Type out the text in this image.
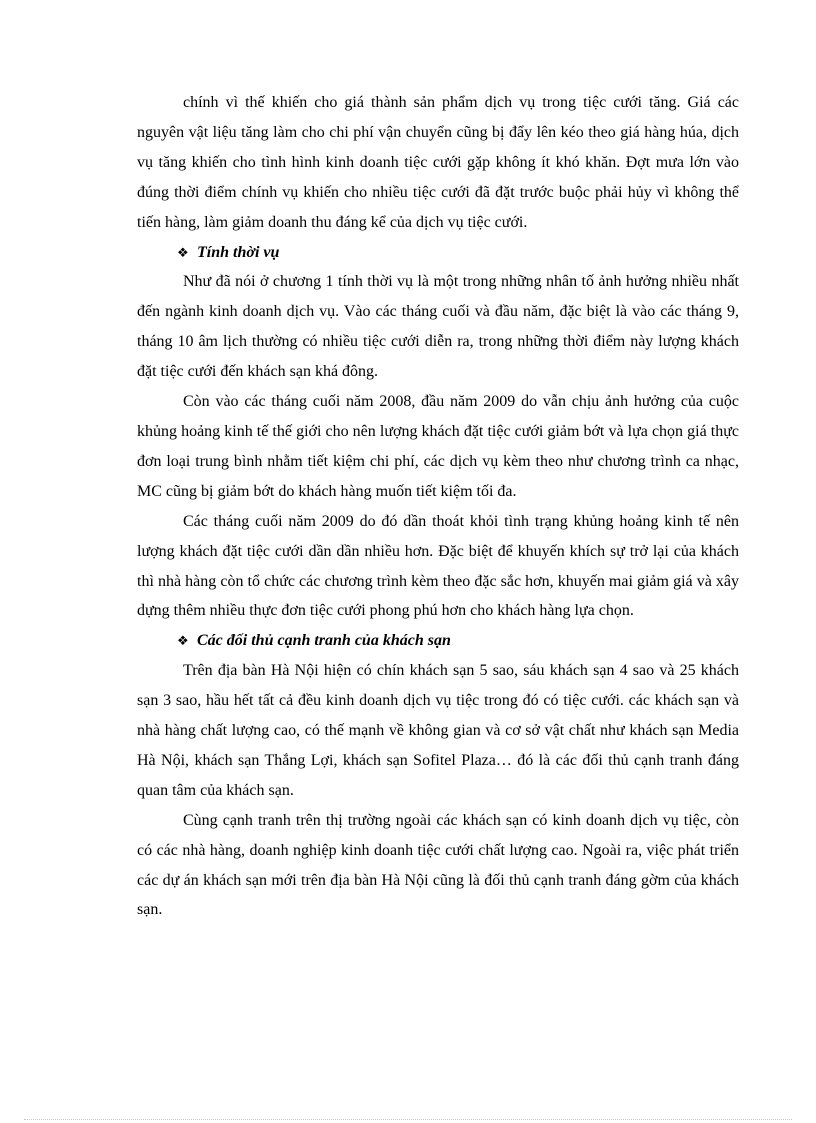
chính vì thế khiến cho giá thành sản phẩm dịch vụ trong tiệc cưới tăng. Giá các nguyên vật liệu tăng làm cho chi phí vận chuyển cũng bị đẩy lên kéo theo giá hàng húa, dịch vụ tăng khiến cho tình hình kinh doanh tiệc cưới gặp không ít khó khăn. Đợt mưa lớn vào đúng thời điểm chính vụ khiến cho nhiều tiệc cưới đã đặt trước buộc phải hủy vì không thể tiến hàng, làm giảm doanh thu đáng kể của dịch vụ tiệc cưới.

❖ Tính thời vụ

Như đã nói ở chương 1 tính thời vụ là một trong những nhân tố ảnh hưởng nhiều nhất đến ngành kinh doanh dịch vụ. Vào các tháng cuối và đầu năm, đặc biệt là vào các tháng 9, tháng 10 âm lịch thường có nhiều tiệc cưới diễn ra, trong những thời điểm này lượng khách đặt tiệc cưới đến khách sạn khá đông.

Còn vào các tháng cuối năm 2008, đầu năm 2009 do vẫn chịu ảnh hưởng của cuộc khủng hoảng kinh tế thế giới cho nên lượng khách đặt tiệc cưới giảm bớt và lựa chọn giá thực đơn loại trung bình nhằm tiết kiệm chi phí, các dịch vụ kèm theo như chương trình ca nhạc, MC cũng bị giảm bớt do khách hàng muốn tiết kiệm tối đa.

Các tháng cuối năm 2009 do đó dần thoát khỏi tình trạng khủng hoảng kinh tế nên lượng khách đặt tiệc cưới dần dần nhiều hơn. Đặc biệt để khuyến khích sự trở lại của khách thì nhà hàng còn tổ chức các chương trình kèm theo đặc sắc hơn, khuyến mai giảm giá và xây dựng thêm nhiều thực đơn tiệc cưới phong phú hơn cho khách hàng lựa chọn.

❖ Các đối thủ cạnh tranh của khách sạn

Trên địa bàn Hà Nội hiện có chín khách sạn 5 sao, sáu khách sạn 4 sao và 25 khách sạn 3 sao, hầu hết tất cả đều kinh doanh dịch vụ tiệc trong đó có tiệc cưới. các khách sạn và nhà hàng chất lượng cao, có thế mạnh về không gian và cơ sở vật chất như khách sạn Media Hà Nội, khách sạn Thắng Lợi, khách sạn Sofitel Plaza… đó là các đối thủ cạnh tranh đáng quan tâm của khách sạn.

Cùng cạnh tranh trên thị trường ngoài các khách sạn có kinh doanh dịch vụ tiệc, còn có các nhà hàng, doanh nghiệp kinh doanh tiệc cưới chất lượng cao. Ngoài ra, việc phát triển các dự án khách sạn mới trên địa bàn Hà Nội cũng là đối thủ cạnh tranh đáng gờm của khách sạn.
